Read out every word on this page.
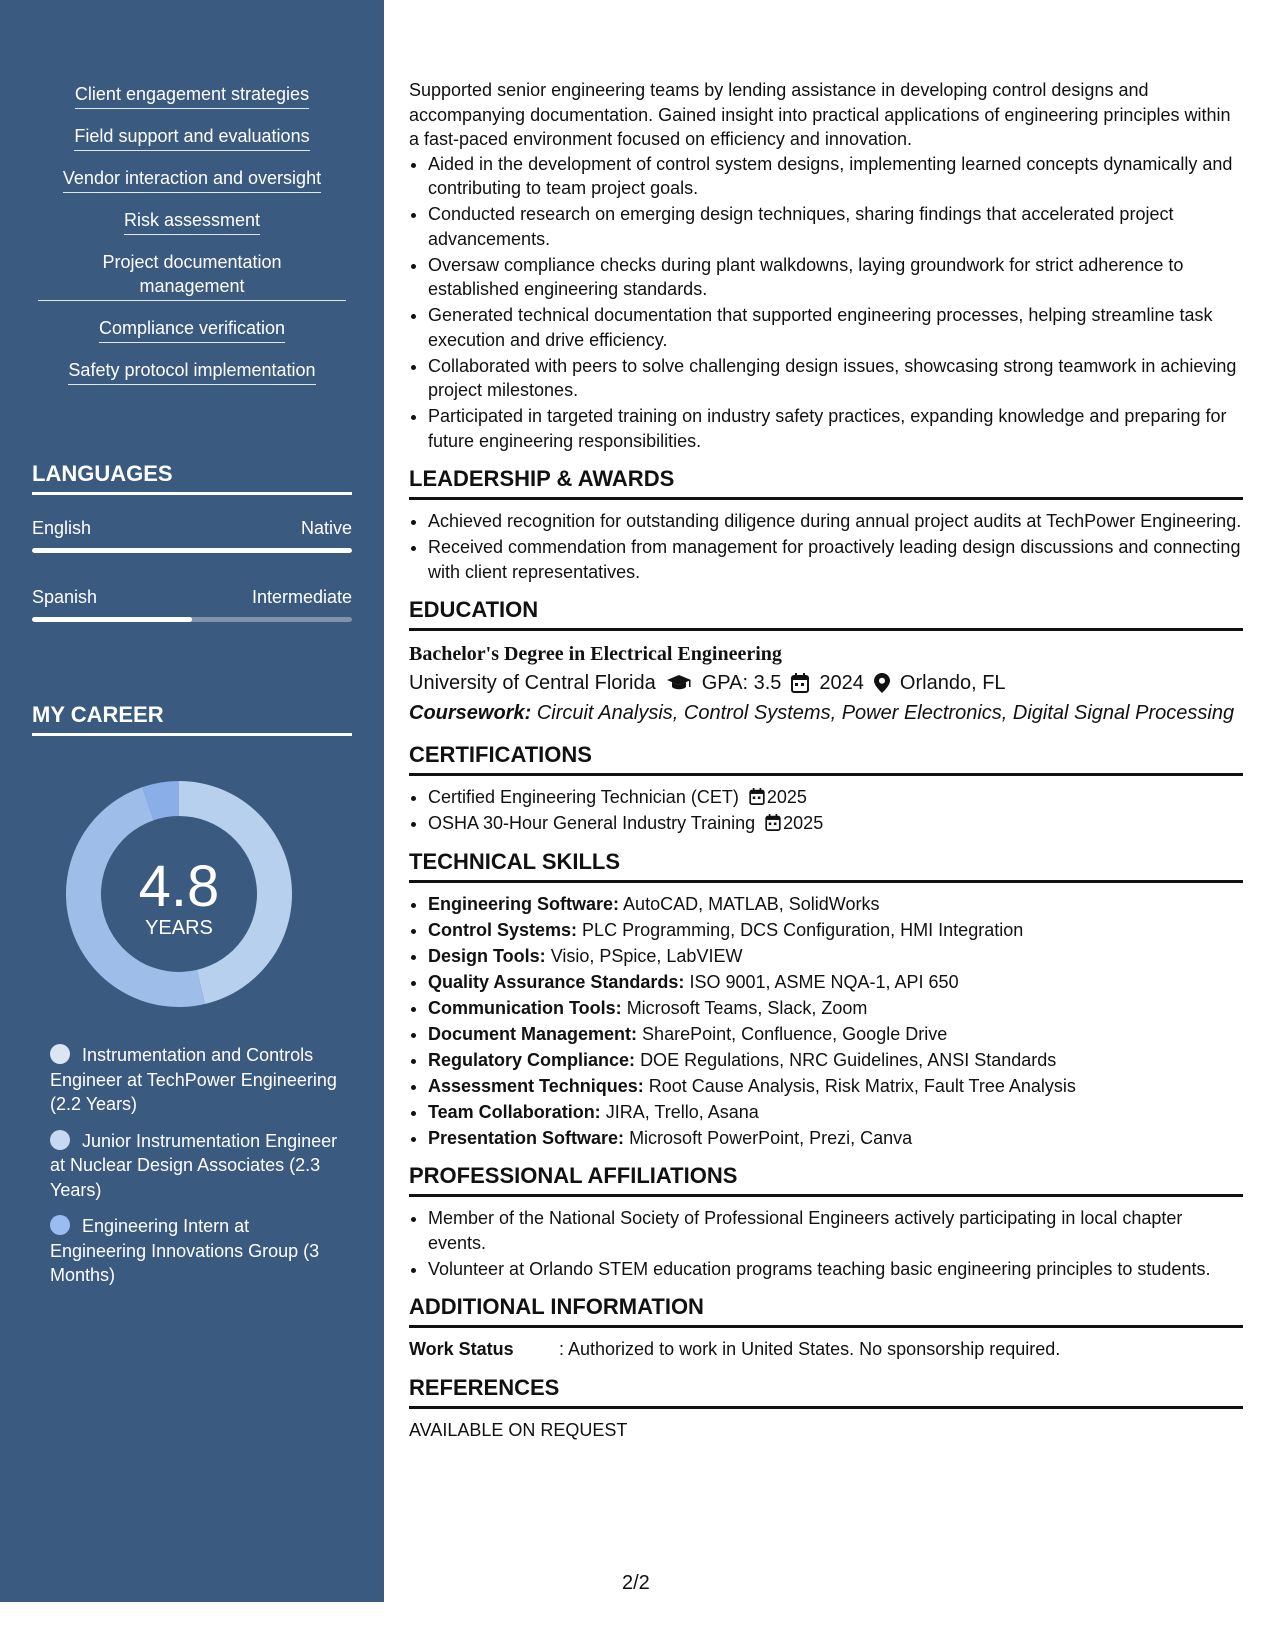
Client engagement strategies
Field support and evaluations
Vendor interaction and oversight
Risk assessment
Project documentation management
Compliance verification
Safety protocol implementation
LANGUAGES
English	Native
Spanish	Intermediate
MY CAREER
4.8
YEARS
Instrumentation and Controls Engineer at TechPower Engineering (2.2 Years)
Junior Instrumentation Engineer at Nuclear Design Associates (2.3 Years)
Engineering Intern at Engineering Innovations Group (3 Months)

Supported senior engineering teams by lending assistance in developing control designs and accompanying documentation. Gained insight into practical applications of engineering principles within a fast-paced environment focused on efficiency and innovation.

• Aided in the development of control system designs, implementing learned concepts dynamically and contributing to team project goals.
• Conducted research on emerging design techniques, sharing findings that accelerated project advancements.
• Oversaw compliance checks during plant walkdowns, laying groundwork for strict adherence to established engineering standards.
• Generated technical documentation that supported engineering processes, helping streamline task execution and drive efficiency.
• Collaborated with peers to solve challenging design issues, showcasing strong teamwork in achieving project milestones.
• Participated in targeted training on industry safety practices, expanding knowledge and preparing for future engineering responsibilities.
LEADERSHIP & AWARDS
• Achieved recognition for outstanding diligence during annual project audits at TechPower Engineering.
• Received commendation from management for proactively leading design discussions and connecting with client representatives.
EDUCATION
Bachelor's Degree in Electrical Engineering
University of Central Florida GPA: 3.5 2024 Orlando, FL
Coursework: Circuit Analysis, Control Systems, Power Electronics, Digital Signal Processing
CERTIFICATIONS
• Certified Engineering Technician (CET) 2025
• OSHA 30-Hour General Industry Training 2025
TECHNICAL SKILLS
• Engineering Software: AutoCAD, MATLAB, SolidWorks
• Control Systems: PLC Programming, DCS Configuration, HMI Integration
• Design Tools: Visio, PSpice, LabVIEW
• Quality Assurance Standards: ISO 9001, ASME NQA-1, API 650
• Communication Tools: Microsoft Teams, Slack, Zoom
• Document Management: SharePoint, Confluence, Google Drive
• Regulatory Compliance: DOE Regulations, NRC Guidelines, ANSI Standards
• Assessment Techniques: Root Cause Analysis, Risk Matrix, Fault Tree Analysis
• Team Collaboration: JIRA, Trello, Asana
• Presentation Software: Microsoft PowerPoint, Prezi, Canva
PROFESSIONAL AFFILIATIONS
• Member of the National Society of Professional Engineers actively participating in local chapter events.
• Volunteer at Orlando STEM education programs teaching basic engineering principles to students.
ADDITIONAL INFORMATION
Work Status	: Authorized to work in United States. No sponsorship required.
REFERENCES
AVAILABLE ON REQUEST
2/2
